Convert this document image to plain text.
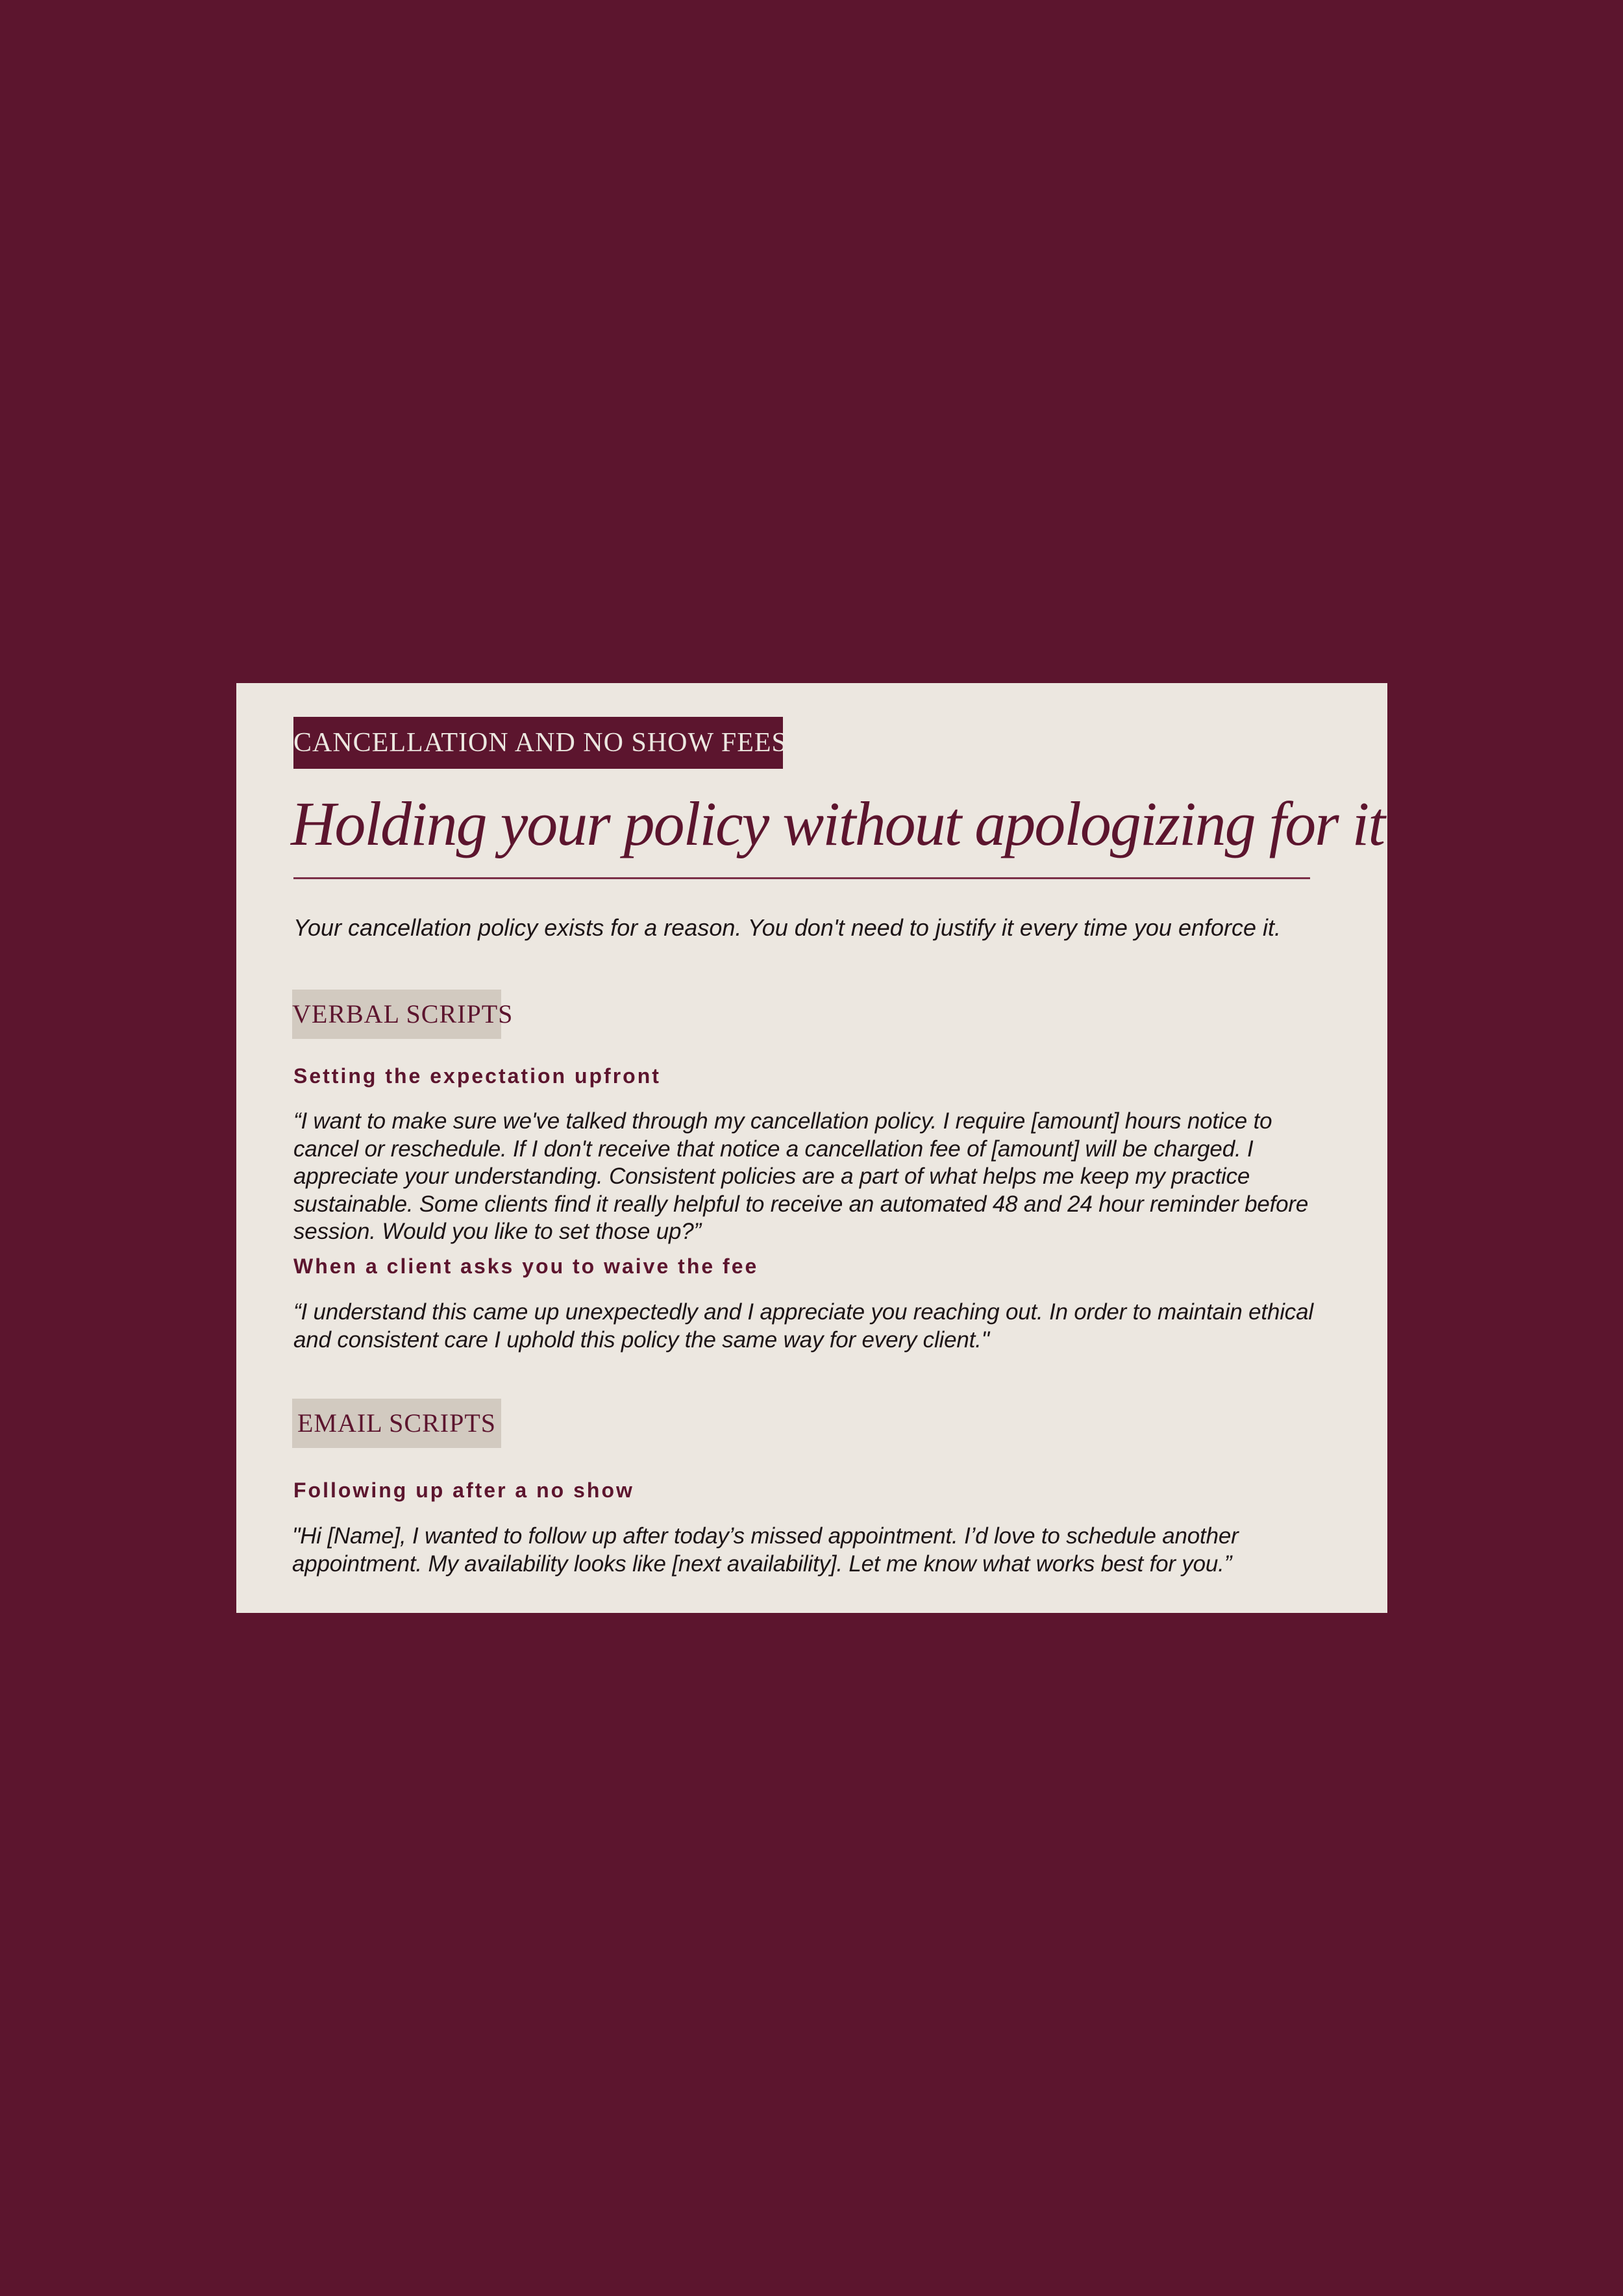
CANCELLATION AND NO SHOW FEES
Holding your policy without apologizing for it
Your cancellation policy exists for a reason. You don't need to justify it every time you enforce it.
VERBAL SCRIPTS
Setting the expectation upfront
“I want to make sure we've talked through my cancellation policy. I require [amount] hours notice to cancel or reschedule. If I don't receive that notice a cancellation fee of [amount] will be charged. I appreciate your understanding. Consistent policies are a part of what helps me keep my practice sustainable. Some clients find it really helpful to receive an automated 48 and 24 hour reminder before session. Would you like to set those up?”
When a client asks you to waive the fee
“I understand this came up unexpectedly and I appreciate you reaching out. In order to maintain ethical and consistent care I uphold this policy the same way for every client."
EMAIL SCRIPTS
Following up after a no show
"Hi [Name], I wanted to follow up after today’s missed appointment. I’d love to schedule another appointment. My availability looks like [next availability]. Let me know what works best for you.”
